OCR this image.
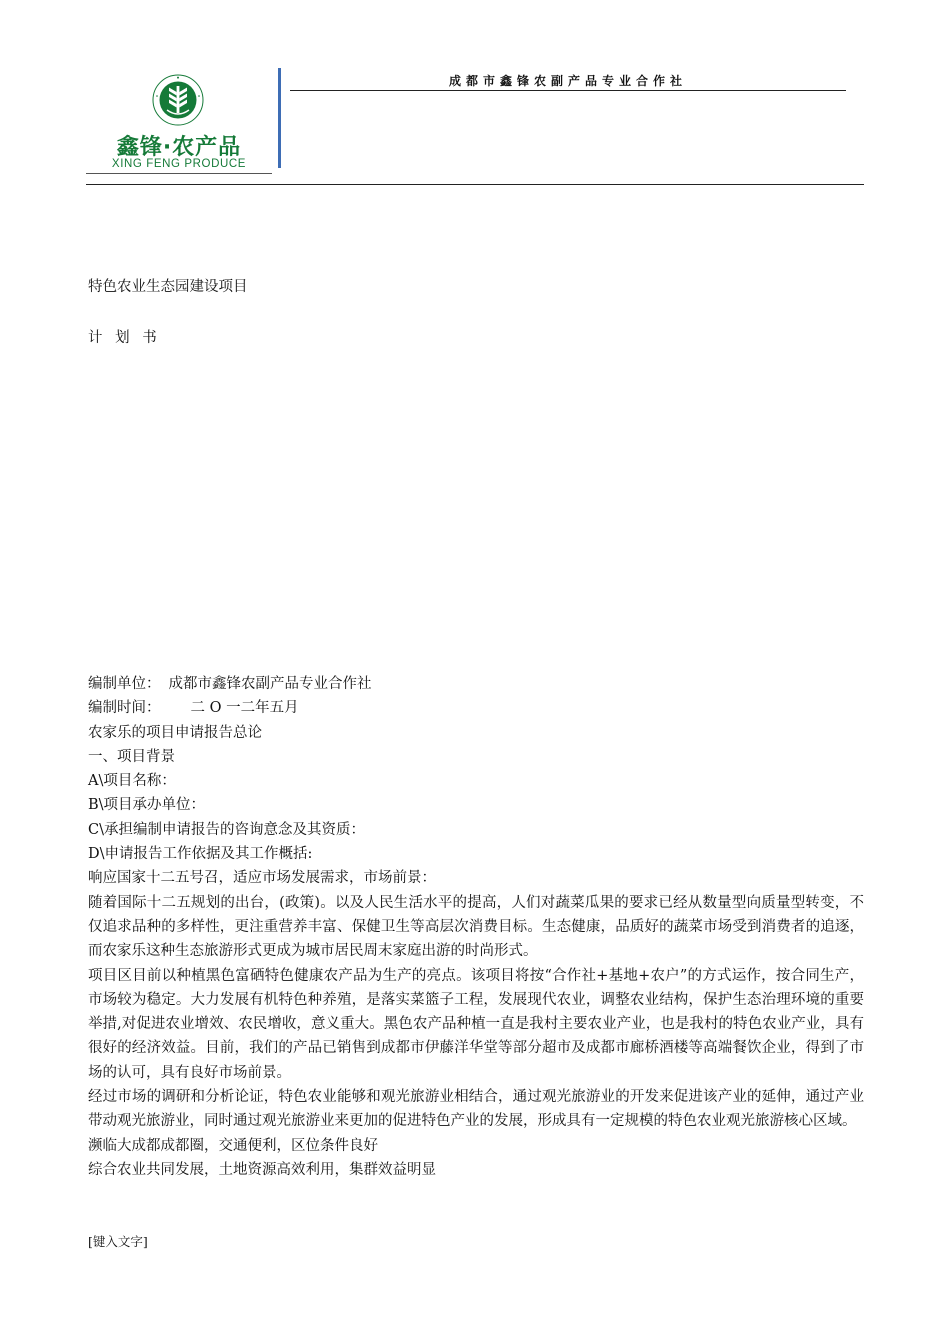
鑫锋·农产品
XING FENG PRODUCE
成都市鑫锋农副产品专业合作社
特色农业生态园建设项目
计 划 书

编制单位： 成都市鑫锋农副产品专业合作社

编制时间： 二 O 一二年五月

农家乐的项目申请报告总论

一、项目背景

A\项目名称：

B\项目承办单位：

C\承担编制申请报告的咨询意念及其资质：

D\申请报告工作依据及其工作概括:

响应国家十二五号召，适应市场发展需求，市场前景：

随着国际十二五规划的出台，(政策)。以及人民生活水平的提高，人们对蔬菜瓜果的要求已经从数量型向质量型转变，不仅追求品种的多样性，更注重营养丰富、保健卫生等高层次消费目标。生态健康，品质好的蔬菜市场受到消费者的追逐，而农家乐这种生态旅游形式更成为城市居民周末家庭出游的时尚形式。

项目区目前以种植黑色富硒特色健康农产品为生产的亮点。该项目将按“合作社+基地+农户”的方式运作，按合同生产，市场较为稳定。大力发展有机特色种养殖，是落实菜篮子工程，发展现代农业，调整农业结构，保护生态治理环境的重要举措,对促进农业增效、农民增收，意义重大。黑色农产品种植一直是我村主要农业产业，也是我村的特色农业产业，具有很好的经济效益。目前，我们的产品已销售到成都市伊藤洋华堂等部分超市及成都市廊桥酒楼等高端餐饮企业，得到了市场的认可，具有良好市场前景。

经过市场的调研和分析论证，特色农业能够和观光旅游业相结合，通过观光旅游业的开发来促进该产业的延伸，通过产业带动观光旅游业，同时通过观光旅游业来更加的促进特色产业的发展，形成具有一定规模的特色农业观光旅游核心区域。

濒临大成都成都圈，交通便利，区位条件良好

综合农业共同发展，土地资源高效利用，集群效益明显

[键入文字]
